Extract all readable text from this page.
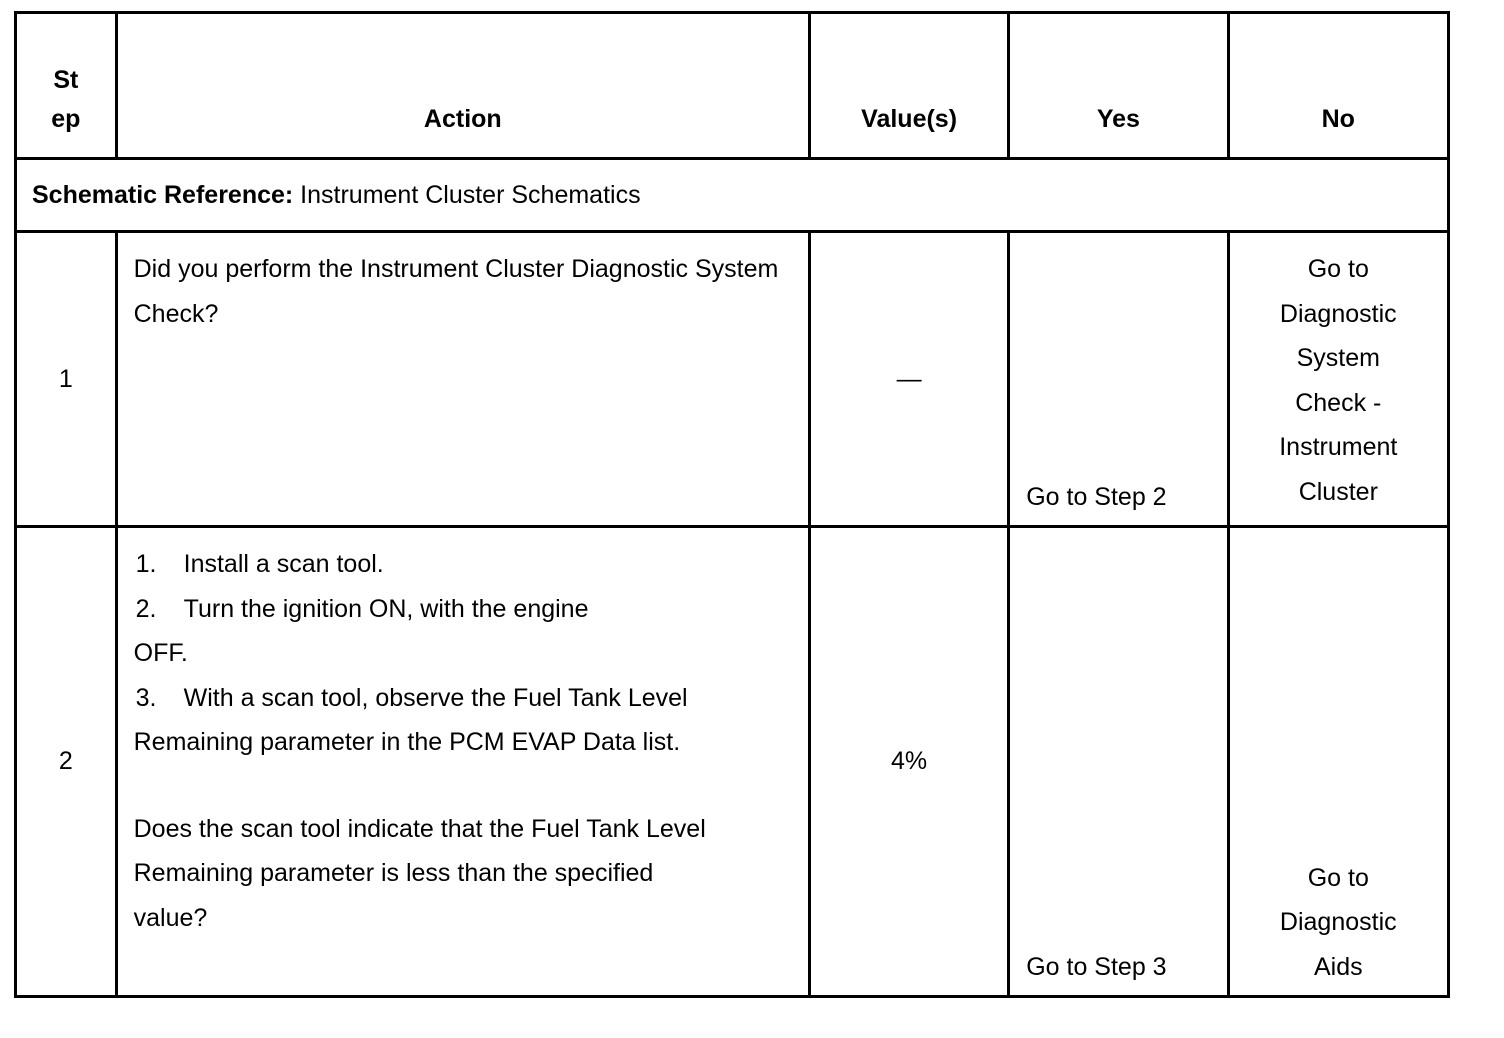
St ep	Action	Value(s)	Yes	No
Schematic Reference: Instrument Cluster Schematics				
1	Did you perform the Instrument Cluster Diagnostic System Check?	—	Go to Step 2	Go to Diagnostic System Check - Instrument Cluster
2	1. Install a scan tool.
2. Turn the ignition ON, with the engine OFF.
3. With a scan tool, observe the Fuel Tank Level Remaining parameter in the PCM EVAP Data list.
Does the scan tool indicate that the Fuel Tank Level Remaining parameter is less than the specified value?	4%	Go to Step 3	Go to Diagnostic Aids
